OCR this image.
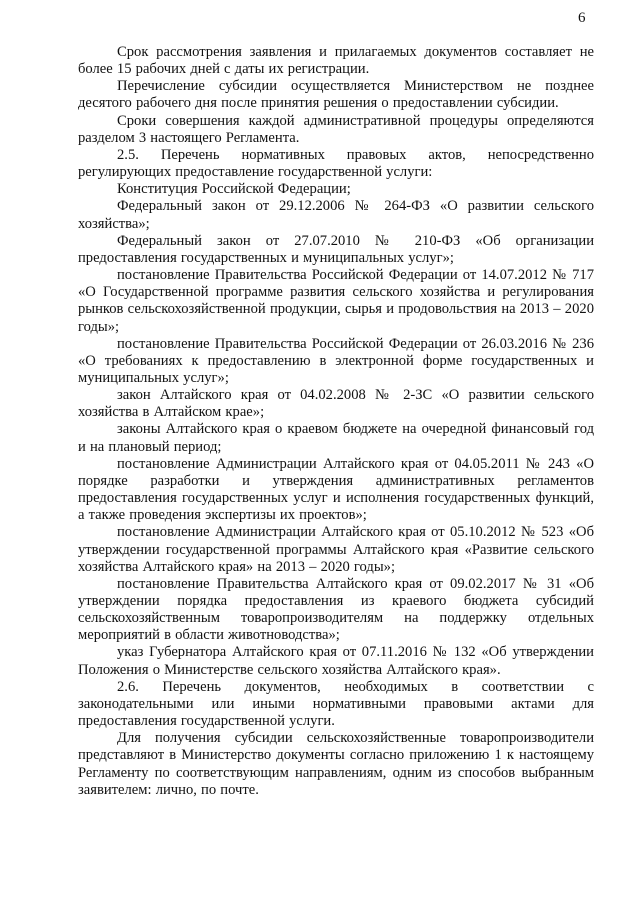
6

Срок рассмотрения заявления и прилагаемых документов составляет не более 15 рабочих дней с даты их регистрации.

Перечисление субсидии осуществляется Министерством не позднее десятого рабочего дня после принятия решения о предоставлении субсидии.

Сроки совершения каждой административной процедуры определяются разделом 3 настоящего Регламента.

2.5. Перечень нормативных правовых актов, непосредственно регулирующих предоставление государственной услуги:

Конституция Российской Федерации;

Федеральный закон от 29.12.2006 № 264-ФЗ «О развитии сельского хозяйства»;

Федеральный закон от 27.07.2010 № 210-ФЗ «Об организации предоставления государственных и муниципальных услуг»;

постановление Правительства Российской Федерации от 14.07.2012 № 717 «О Государственной программе развития сельского хозяйства и регулирования рынков сельскохозяйственной продукции, сырья и продовольствия на 2013 – 2020 годы»;

постановление Правительства Российской Федерации от 26.03.2016 № 236 «О требованиях к предоставлению в электронной форме государственных и муниципальных услуг»;

закон Алтайского края от 04.02.2008 № 2-ЗС «О развитии сельского хозяйства в Алтайском крае»;

законы Алтайского края о краевом бюджете на очередной финансовый год и на плановый период;

постановление Администрации Алтайского края от 04.05.2011 № 243 «О порядке разработки и утверждения административных регламентов предоставления государственных услуг и исполнения государственных функций, а также проведения экспертизы их проектов»;

постановление Администрации Алтайского края от 05.10.2012 № 523 «Об утверждении государственной программы Алтайского края «Развитие сельского хозяйства Алтайского края» на 2013 – 2020 годы»;

постановление Правительства Алтайского края от 09.02.2017 № 31 «Об утверждении порядка предоставления из краевого бюджета субсидий сельскохозяйственным товаропроизводителям на поддержку отдельных мероприятий в области животноводства»;

указ Губернатора Алтайского края от 07.11.2016 № 132 «Об утверждении Положения о Министерстве сельского хозяйства Алтайского края».

2.6. Перечень документов, необходимых в соответствии с законодательными или иными нормативными правовыми актами для предоставления государственной услуги.

Для получения субсидии сельскохозяйственные товаропроизводители представляют в Министерство документы согласно приложению 1 к настоящему Регламенту по соответствующим направлениям, одним из способов выбранным заявителем: лично, по почте.
